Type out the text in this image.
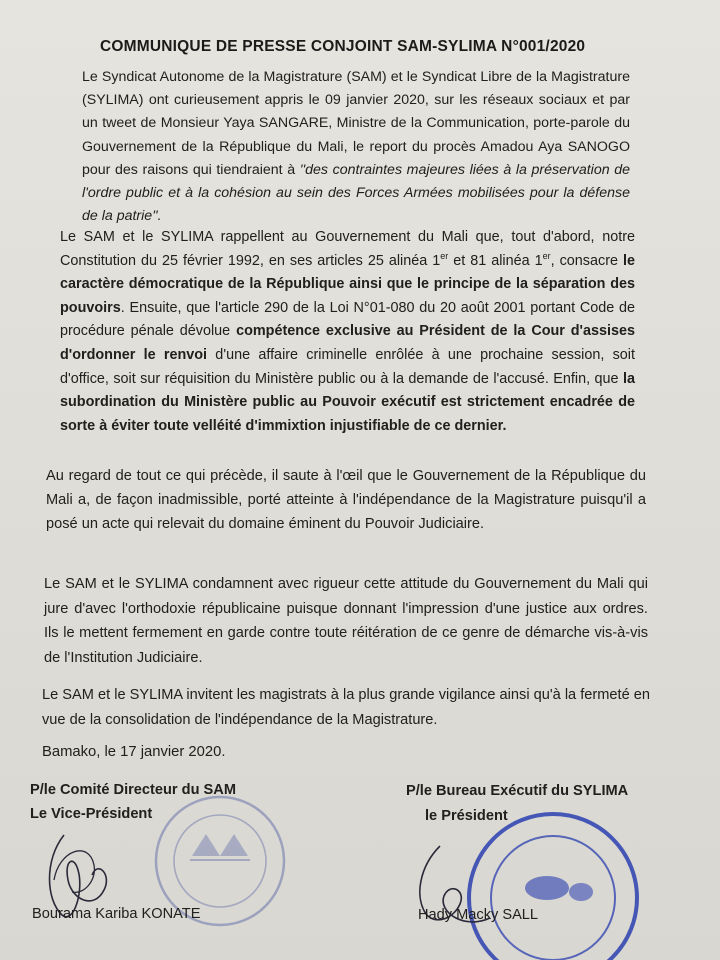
COMMUNIQUE DE PRESSE CONJOINT SAM-SYLIMA N°001/2020
Le Syndicat Autonome de la Magistrature (SAM) et le Syndicat Libre de la Magistrature (SYLIMA) ont curieusement appris le 09 janvier 2020, sur les réseaux sociaux et par un tweet de Monsieur Yaya SANGARE, Ministre de la Communication, porte-parole du Gouvernement de la République du Mali, le report du procès Amadou Aya SANOGO pour des raisons qui tiendraient à ''des contraintes majeures liées à la préservation de l'ordre public et à la cohésion au sein des Forces Armées mobilisées pour la défense de la patrie''.
Le SAM et le SYLIMA rappellent au Gouvernement du Mali que, tout d'abord, notre Constitution du 25 février 1992, en ses articles 25 alinéa 1er et 81 alinéa 1er, consacre le caractère démocratique de la République ainsi que le principe de la séparation des pouvoirs. Ensuite, que l'article 290 de la Loi N°01-080 du 20 août 2001 portant Code de procédure pénale dévolue compétence exclusive au Président de la Cour d'assises d'ordonner le renvoi d'une affaire criminelle enrôlée à une prochaine session, soit d'office, soit sur réquisition du Ministère public ou à la demande de l'accusé. Enfin, que la subordination du Ministère public au Pouvoir exécutif est strictement encadrée de sorte à éviter toute velléité d'immixtion injustifiable de ce dernier.
Au regard de tout ce qui précède, il saute à l'œil que le Gouvernement de la République du Mali a, de façon inadmissible, porté atteinte à l'indépendance de la Magistrature puisqu'il a posé un acte qui relevait du domaine éminent du Pouvoir Judiciaire.
Le SAM et le SYLIMA condamnent avec rigueur cette attitude du Gouvernement du Mali qui jure d'avec l'orthodoxie républicaine puisque donnant l'impression d'une justice aux ordres. Ils le mettent fermement en garde contre toute réitération de ce genre de démarche vis-à-vis de l'Institution Judiciaire.
Le SAM et le SYLIMA invitent les magistrats à la plus grande vigilance ainsi qu'à la fermeté en vue de la consolidation de l'indépendance de la Magistrature.
Bamako, le 17 janvier 2020.
P/le Comité Directeur du SAM
Le Vice-Président
Bourama Kariba KONATE
P/le Bureau Exécutif du SYLIMA
le Président
Hady Macky SALL
